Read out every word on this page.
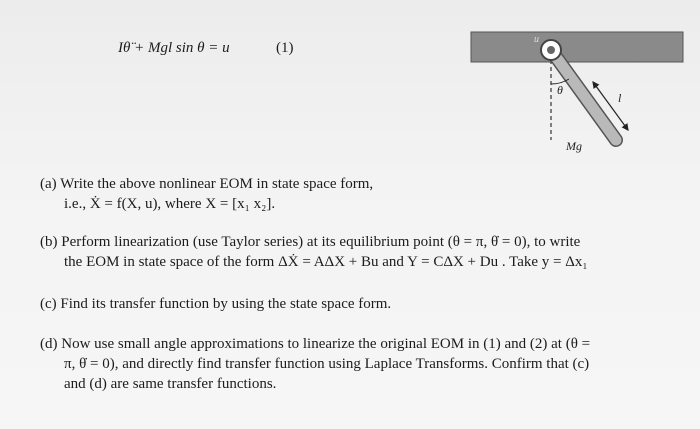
Iθ̈ + Mgl sin θ = u	(1)
u
θ
l
Mg
(a) Write the above nonlinear EOM in state space form,
i.e., Ẋ = f(X, u), where X = [x₁ x₂].
(b) Perform linearization (use Taylor series) at its equilibrium point (θ = π, θ̇ = 0), to write
the EOM in state space of the form ΔẊ = AΔX + Bu and Y = CΔX + Du . Take y = Δx₁
(c) Find its transfer function by using the state space form.
(d) Now use small angle approximations to linearize the original EOM in (1) and (2) at (θ =
π, θ̇ = 0), and directly find transfer function using Laplace Transforms. Confirm that (c)
and (d) are same transfer functions.
